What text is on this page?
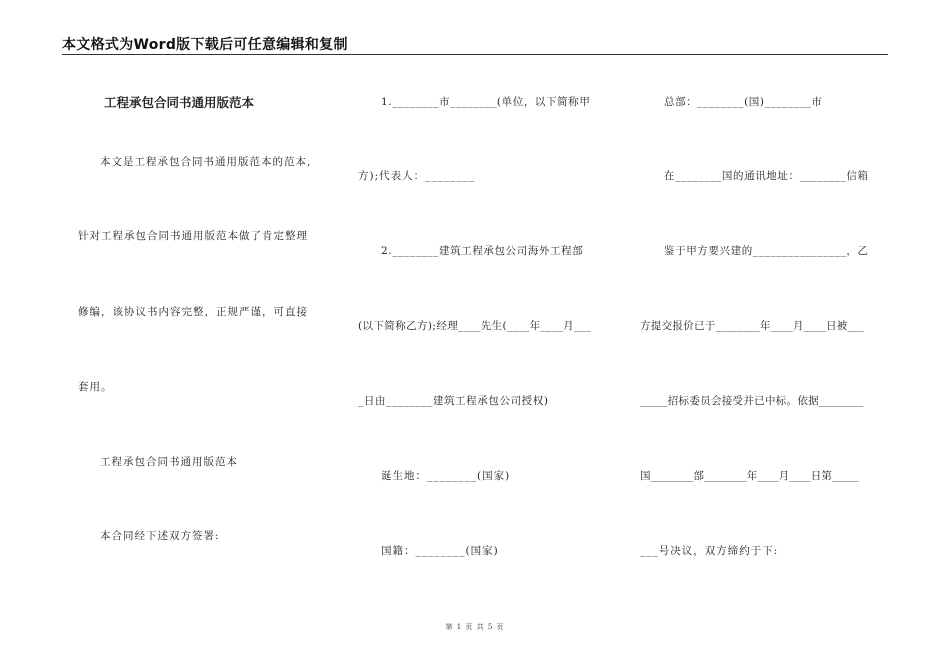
本文格式为Word版下载后可任意编辑和复制
工程承包合同书通用版范本
本文是工程承包合同书通用版范本的范本,
针对工程承包合同书通用版范本做了肯定整理
修编，该协议书内容完整，正规严谨，可直接
套用。
工程承包合同书通用版范本
本合同经下述双方签署:
1.________市________(单位，以下简称甲
方);代表人：________
2.________建筑工程承包公司海外工程部
(以下简称乙方);经理____先生(____年____月___
_日由________建筑工程承包公司授权)
诞生地：________(国家)
国籍：________(国家)
总部：________(国)________市
在________国的通讯地址：________信箱
鉴于甲方要兴建的________________，乙
方提交报价已于________年____月____日被___
_____招标委员会接受并已中标。依据________
国________部________年____月____日第_____
___号决议，双方缔约于下:
第 1 页 共 5 页
